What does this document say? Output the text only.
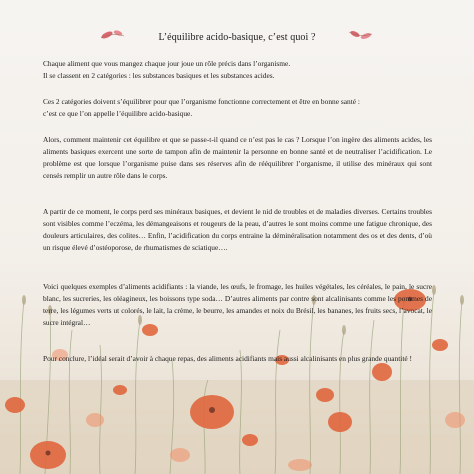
L’équilibre acido-basique, c’est quoi ?

Chaque aliment que vous mangez chaque jour joue un rôle précis dans l’organisme.
Il se classent en 2 catégories : les substances basiques et les substances acides.

Ces 2 catégories doivent s’équilibrer pour que l’organisme fonctionne correctement et être en bonne santé :
c’est ce que l’on appelle l’équilibre acido-basique.

Alors, comment maintenir cet équilibre et que se passe-t-il quand ce n’est pas le cas ? Lorsque l’on ingère des aliments acides, les aliments basiques exercent une sorte de tampon afin de maintenir la personne en bonne santé et de neutraliser l’acidification. Le problème est que lorsque l’organisme puise dans ses réserves afin de rééquilibrer l’organisme, il utilise des minéraux qui sont censés remplir un autre rôle dans le corps.

A partir de ce moment, le corps perd ses minéraux basiques, et devient le nid de troubles et de maladies diverses. Certains troubles sont visibles comme l’eczéma, les démangeaisons et rougeurs de la peau, d’autres le sont moins comme une fatigue chronique, des douleurs articulaires, des colites… Enfin, l’acidification du corps entraine la déminéralisation notamment des os et des dents, d’où un risque élevé d’ostéoporose, de rhumatismes de sciatique….

Voici quelques exemples d’aliments acidifiants : la viande, les œufs, le fromage, les huiles végétales, les céréales, le pain, le sucre blanc, les sucreries, les oléagineux, les boissons type soda… D’autres aliments par contre sont alcalinisants comme les pommes de terre, les légumes verts ut colorés, le lait, la crème, le beurre, les amandes et noix du Brésil, les bananes, les fruits secs, l’avocat, le sucre intégral…

Pour conclure, l’idéal serait d’avoir à chaque repas, des aliments acidifiants mais aussi alcalinisants en plus grande quantité !
